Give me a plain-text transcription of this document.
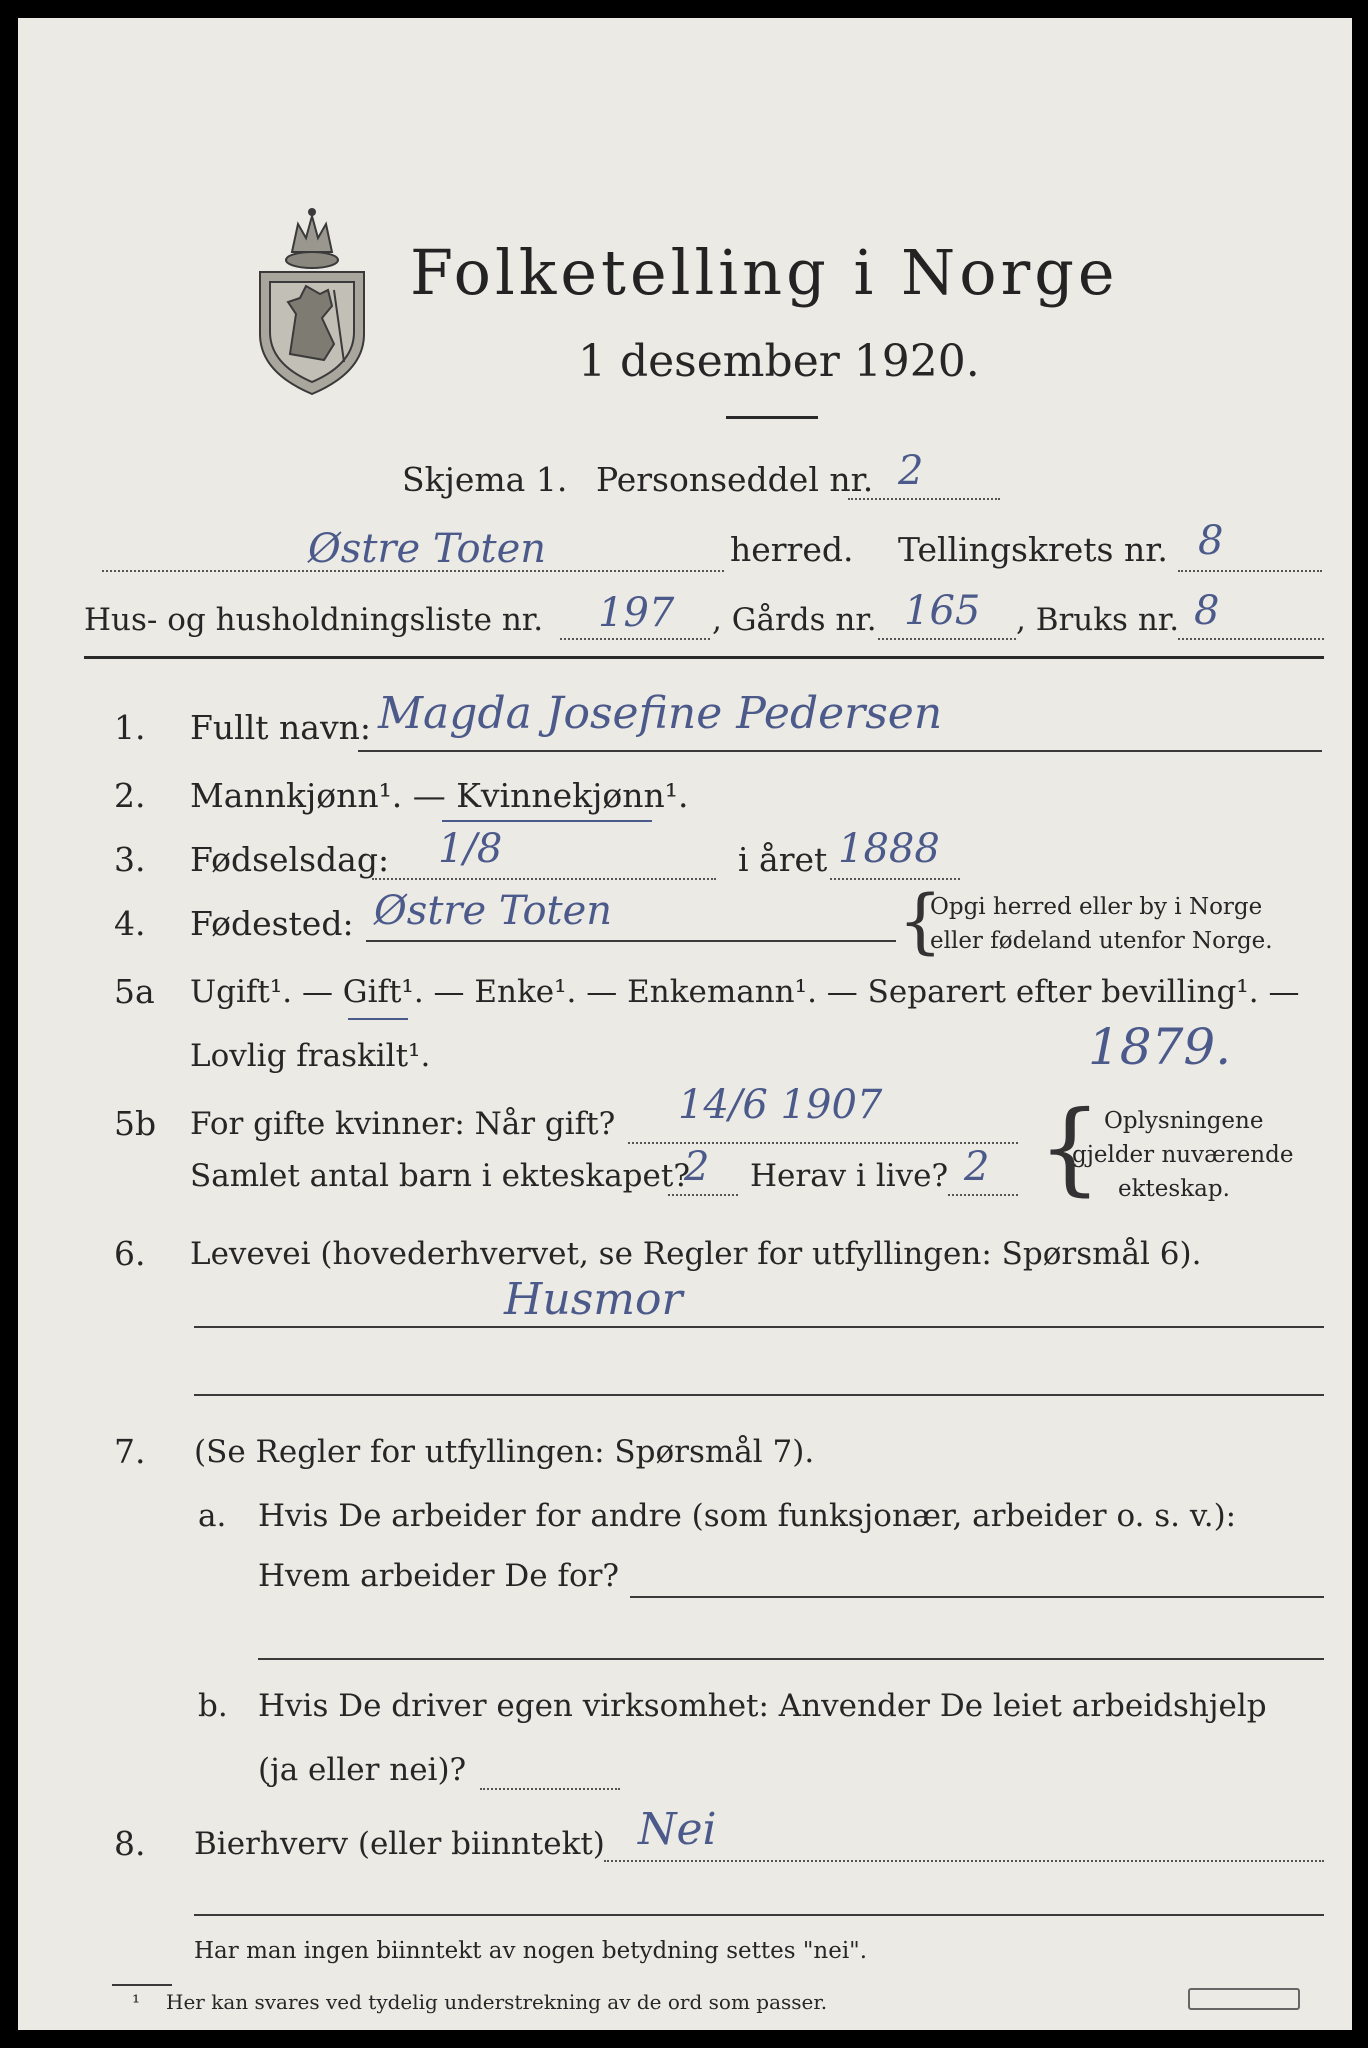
Folketelling i Norge
1 desember 1920.
Skjema 1. Personseddel nr. 2
Østre Toten	herred. Tellingskrets nr. 8
Hus- og husholdningsliste nr. 197 , Gårds nr. 165 , Bruks nr. 8
1. Fullt navn: Magda Josefine Pedersen
2. Mannkjønn¹. — Kvinnekjønn¹.
3. Fødselsdag: 1/8	i året 1888
4. Fødested: Østre Toten	{
Opgi herred eller by i Norge
eller fødeland utenfor Norge.
5a Ugift¹. — Gift¹. — Enke¹. — Enkemann¹. — Separert efter bevilling¹. —
Lovlig fraskilt¹.	1879.
5b For gifte kvinner: Når gift? 14/6 1907
Samlet antal barn i ekteskapet?
2 Herav i live? 2 { Oplysningene
gjelder nuværende
ekteskap.
6. Levevei (hovederhvervet, se Regler for utfyllingen: Spørsmål 6).
Husmor
7. (Se Regler for utfyllingen: Spørsmål 7).
a. Hvis De arbeider for andre (som funksjonær, arbeider o. s. v.):
Hvem arbeider De for?
b. Hvis De driver egen virksomhet: Anvender De leiet arbeidshjelp
(ja eller nei)?
8. Bierhverv (eller biinntekt) Nei
Har man ingen biinntekt av nogen betydning settes "nei".
¹ Her kan svares ved tydelig understrekning av de ord som passer.
